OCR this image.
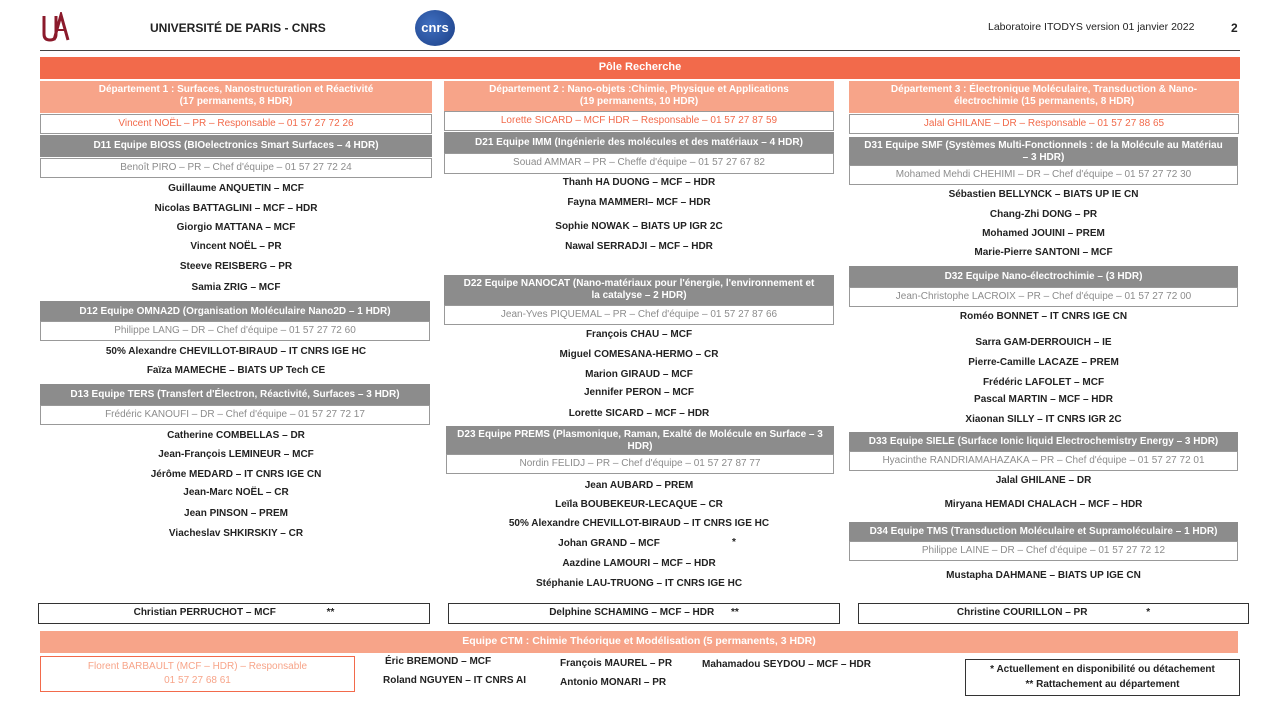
UNIVERSITÉ DE PARIS - CNRS	cnrs	Laboratoire ITODYS version 01 janvier 2022	2
Pôle Recherche
Département 1 : Surfaces, Nanostructuration et Réactivité
(17 permanents, 8 HDR)
Vincent NOËL – PR – Responsable – 01 57 27 72 26
Département 2 : Nano-objets :Chimie, Physique et Applications
(19 permanents, 10 HDR)
Lorette SICARD – MCF HDR – Responsable – 01 57 27 87 59
Département 3 : Électronique Moléculaire, Transduction & Nano-
électrochimie (15 permanents, 8 HDR)
Jalal GHILANE – DR – Responsable – 01 57 27 88 65
D11 Equipe BIOSS (BIOelectronics Smart Surfaces – 4 HDR)
Benoît PIRO – PR – Chef d'équipe – 01 57 27 72 24
Guillaume ANQUETIN – MCF
Nicolas BATTAGLINI – MCF – HDR
Giorgio MATTANA – MCF
Vincent NOËL – PR
Steeve REISBERG – PR
Samia ZRIG – MCF
D12 Equipe OMNA2D (Organisation Moléculaire Nano2D – 1 HDR)
Philippe LANG – DR – Chef d'équipe – 01 57 27 72 60
50% Alexandre CHEVILLOT-BIRAUD – IT CNRS IGE HC
Faïza MAMECHE – BIATS UP Tech CE
D13 Equipe TERS (Transfert d'Électron, Réactivité, Surfaces – 3 HDR)
Frédéric KANOUFI – DR – Chef d'équipe – 01 57 27 72 17
Catherine COMBELLAS – DR
Jean-François LEMINEUR – MCF
Jérôme MEDARD – IT CNRS IGE CN
Jean-Marc NOËL – CR
Jean PINSON – PREM
Viacheslav SHKIRSKIY – CR
D21 Equipe IMM (Ingénierie des molécules et des matériaux – 4 HDR)
Souad AMMAR – PR – Cheffe d'équipe – 01 57 27 67 82
Thanh HA DUONG – MCF – HDR
Fayna MAMMERI– MCF – HDR
Sophie NOWAK – BIATS UP IGR 2C
Nawal SERRADJI – MCF – HDR
D22 Equipe NANOCAT (Nano-matériaux pour l'énergie, l'environnement et
la catalyse – 2 HDR)
Jean-Yves PIQUEMAL – PR – Chef d'équipe – 01 57 27 87 66
François CHAU – MCF
Miguel COMESANA-HERMO – CR
Marion GIRAUD – MCF
Jennifer PERON – MCF
Lorette SICARD – MCF – HDR
D23 Equipe PREMS (Plasmonique, Raman, Exalté de Molécule en Surface – 3
HDR)
Nordin FELIDJ – PR – Chef d'équipe – 01 57 27 87 77
Jean AUBARD – PREM
Leïla BOUBEKEUR-LECAQUE – CR
50% Alexandre CHEVILLOT-BIRAUD – IT CNRS IGE HC
Johan GRAND – MCF	*
Aazdine LAMOURI – MCF – HDR
Stéphanie LAU-TRUONG – IT CNRS IGE HC
D31 Equipe SMF (Systèmes Multi-Fonctionnels : de la Molécule au Matériau
– 3 HDR)
Mohamed Mehdi CHEHIMI – DR – Chef d'équipe – 01 57 27 72 30
Sébastien BELLYNCK – BIATS UP IE CN
Chang-Zhi DONG – PR
Mohamed JOUINI – PREM
Marie-Pierre SANTONI – MCF
D32 Equipe Nano-électrochimie – (3 HDR)
Jean-Christophe LACROIX – PR – Chef d'équipe – 01 57 27 72 00
Roméo BONNET – IT CNRS IGE CN
Sarra GAM-DERROUICH – IE
Pierre-Camille LACAZE – PREM
Frédéric LAFOLET – MCF
Pascal MARTIN – MCF – HDR
Xiaonan SILLY – IT CNRS IGR 2C
D33 Equipe SIELE (Surface Ionic liquid Electrochemistry Energy – 3 HDR)
Hyacinthe RANDRIAMAHAZAKA – PR – Chef d'équipe – 01 57 27 72 01
Jalal GHILANE – DR
Miryana HEMADI CHALACH – MCF – HDR
D34 Equipe TMS (Transduction Moléculaire et Supramoléculaire – 1 HDR)
Philippe LAINE – DR – Chef d'équipe – 01 57 27 72 12
Mustapha DAHMANE – BIATS UP IGE CN
Christian PERRUCHOT – MCF	**	Delphine SCHAMING – MCF – HDR **	Christine COURILLON – PR	*
Equipe CTM : Chimie Théorique et Modélisation (5 permanents, 3 HDR)
Florent BARBAULT (MCF – HDR) – Responsable
01 57 27 68 61
Éric BREMOND – MCF
Roland NGUYEN – IT CNRS AI
François MAUREL – PR
Antonio MONARI – PR
Mahamadou SEYDOU – MCF – HDR	* Actuellement en disponibilité ou détachement
** Rattachement au département
